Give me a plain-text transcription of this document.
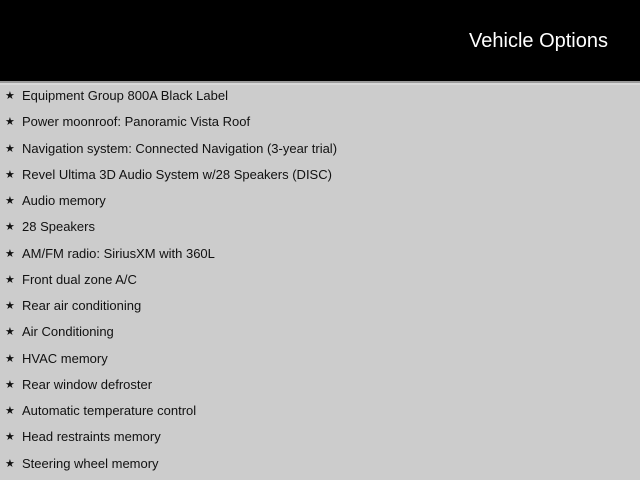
Vehicle Options
★ Equipment Group 800A Black Label
★ Power moonroof: Panoramic Vista Roof
★ Navigation system: Connected Navigation (3-year trial)
★ Revel Ultima 3D Audio System w/28 Speakers (DISC)
★ Audio memory
★ 28 Speakers
★ AM/FM radio: SiriusXM with 360L
★ Front dual zone A/C
★ Rear air conditioning
★ Air Conditioning
★ HVAC memory
★ Rear window defroster
★ Automatic temperature control
★ Head restraints memory
★ Steering wheel memory
